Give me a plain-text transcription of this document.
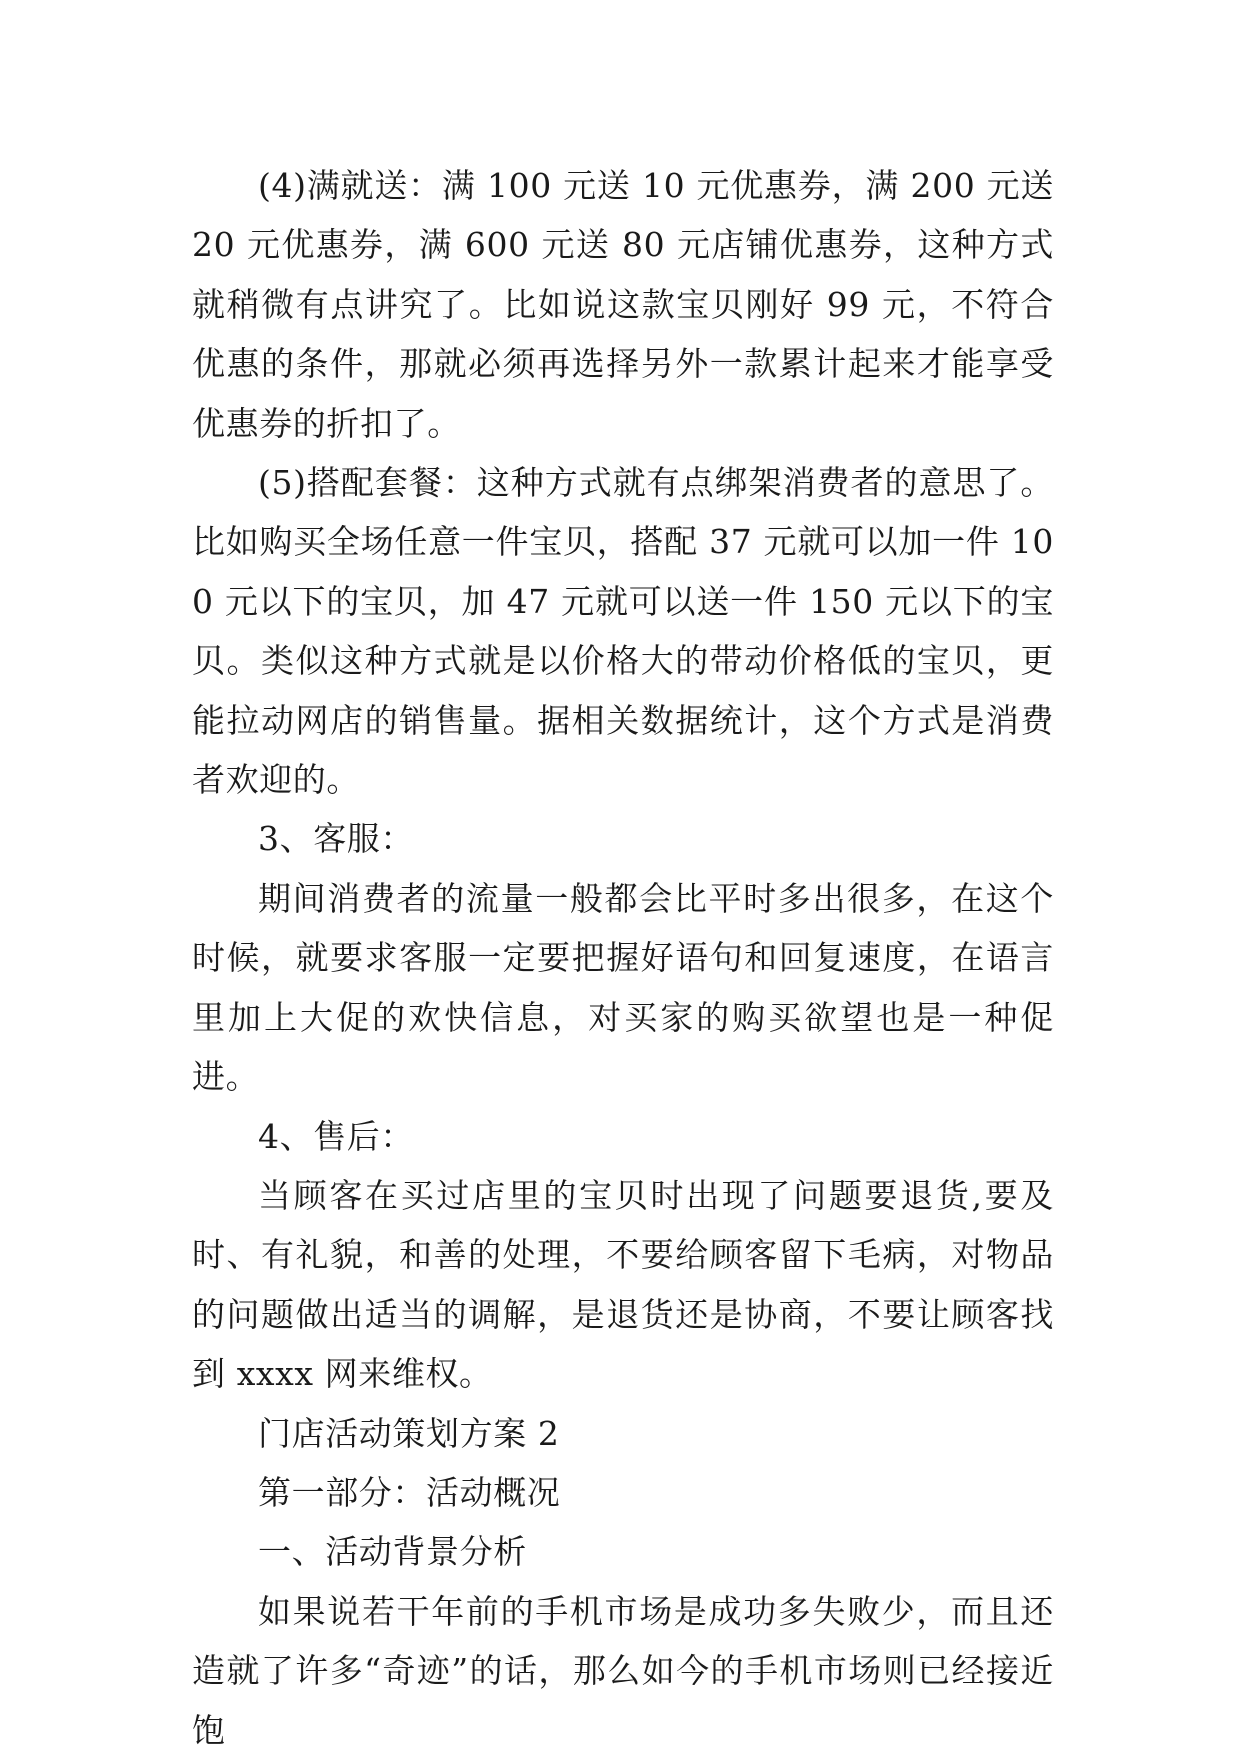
(4)满就送：满 100 元送 10 元优惠券，满 200 元送 20 元优惠券，满 600 元送 80 元店铺优惠券，这种方式就稍微有点讲究了。比如说这款宝贝刚好 99 元，不符合优惠的条件，那就必须再选择另外一款累计起来才能享受优惠券的折扣了。

(5)搭配套餐：这种方式就有点绑架消费者的意思了。比如购买全场任意一件宝贝，搭配 37 元就可以加一件 100 元以下的宝贝，加 47 元就可以送一件 150 元以下的宝贝。类似这种方式就是以价格大的带动价格低的宝贝，更能拉动网店的销售量。据相关数据统计，这个方式是消费者欢迎的。

3、客服：

期间消费者的流量一般都会比平时多出很多，在这个时候，就要求客服一定要把握好语句和回复速度，在语言里加上大促的欢快信息，对买家的购买欲望也是一种促进。

4、售后：

当顾客在买过店里的宝贝时出现了问题要退货,要及时、有礼貌，和善的处理，不要给顾客留下毛病，对物品的问题做出适当的调解，是退货还是协商，不要让顾客找到 xxxx 网来维权。

门店活动策划方案 2

第一部分：活动概况

一、活动背景分析

如果说若干年前的手机市场是成功多失败少，而且还造就了许多“奇迹”的话，那么如今的手机市场则已经接近饱
